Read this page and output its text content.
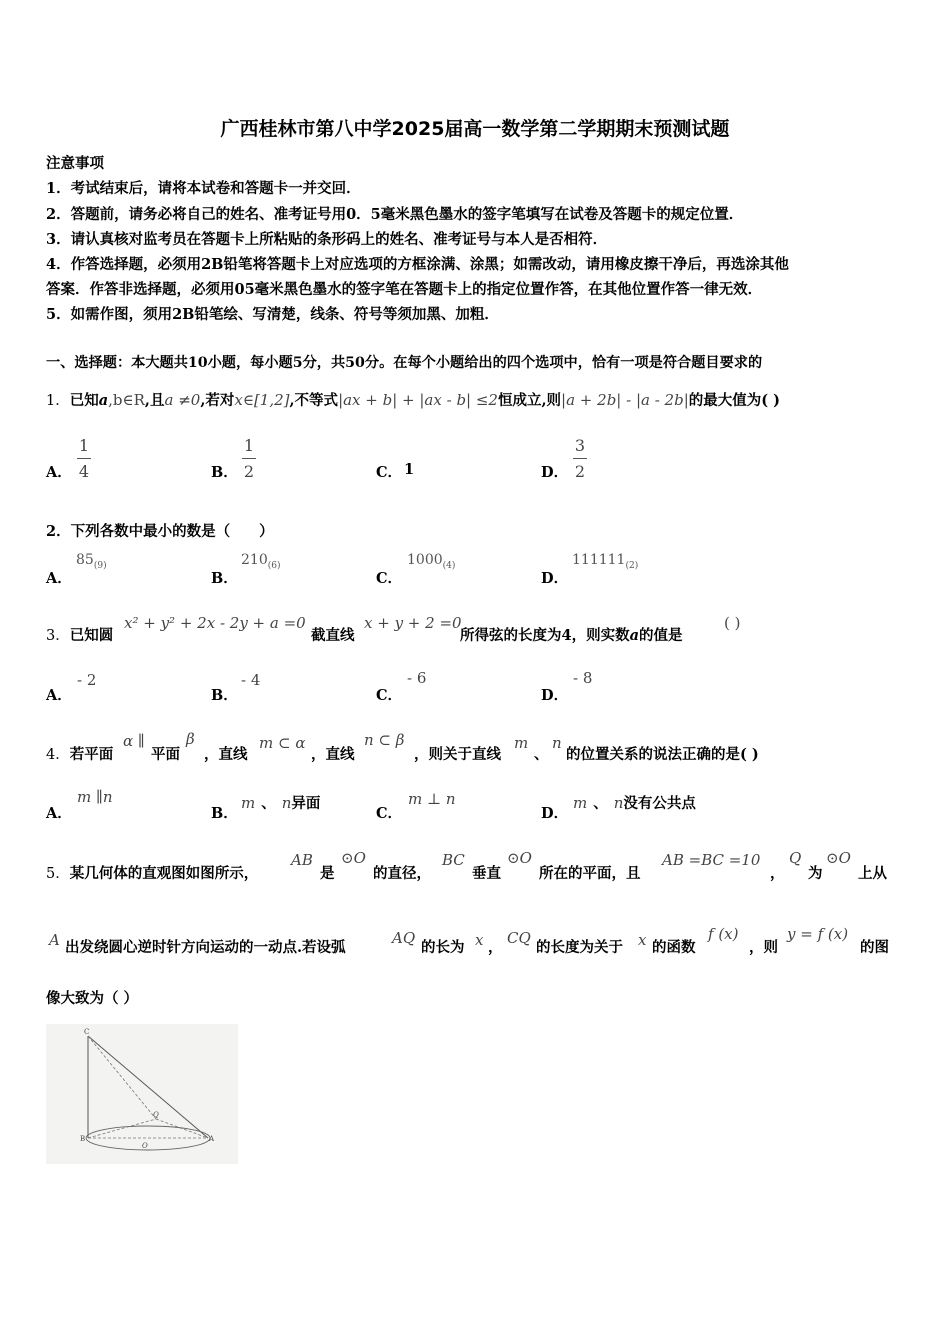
广西桂林市第八中学2025届高一数学第二学期期末预测试题
注意事项
1．考试结束后，请将本试卷和答题卡一并交回．
2．答题前，请务必将自己的姓名、准考证号用0．5毫米黑色墨水的签字笔填写在试卷及答题卡的规定位置．
3．请认真核对监考员在答题卡上所粘贴的条形码上的姓名、准考证号与本人是否相符．
4．作答选择题，必须用2B铅笔将答题卡上对应选项的方框涂满、涂黑；如需改动，请用橡皮擦干净后，再选涂其他
答案．作答非选择题，必须用05毫米黑色墨水的签字笔在答题卡上的指定位置作答，在其他位置作答一律无效．
5．如需作图，须用2B铅笔绘、写清楚，线条、符号等须加黑、加粗．
一、选择题：本大题共10小题，每小题5分，共50分。在每个小题给出的四个选项中，恰有一项是符合题目要求的
1．已知a,b∈R,且a ≠0,若对x∈[1,2],不等式|ax + b| + |ax - b| ≤2恒成立,则|a + 2b| - |a - 2b|的最大值为( )
A．
1
4	B．
1
2	C． 1	D．
3
2
2．下列各数中最小的数是（　　）
A．
$85_{(9)}$
B．
$210_{(6)}$
C．
$1000_{(4)}$
D．
$111111_{(2)}$
3．已知圆
x² + y² + 2x - 2y + a =0
截直线
x + y + 2 =0
所得弦的长度为4，则实数a的值是
( )
A．
- 2
B．
- 4
C．
- 6
D．
- 8
4．若平面
α ∥
平面
β
，直线
m ⊂ α
，直线
n ⊂ β
，则关于直线
m
、
n
的位置关系的说法正确的是( )
A．
m ∥n
B．
m 、 n异面
C．
m ⊥ n
D．
m 、 n没有公共点
5．某几何体的直观图如图所示，
AB
是
⊙O
的直径，
BC
垂直
⊙O
所在的平面，且
AB =BC =10
，
Q
为
⊙O
上从
A 出发绕圆心逆时针方向运动的一动点.若设弧
AQ
的长为 x ，
CQ
的长度为关于 x 的函数
f (x)
，则
y = f (x)
的图
像大致为（ ）
C
B	A
Q
O
